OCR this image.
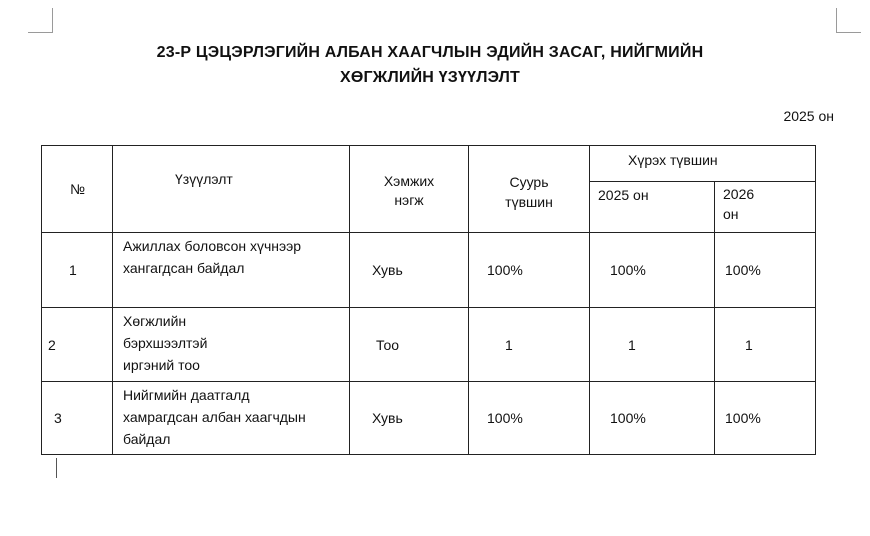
23-Р ЦЭЦЭРЛЭГИЙН АЛБАН ХААГЧЛЫН ЭДИЙН ЗАСАГ, НИЙГМИЙН
ХӨГЖЛИЙН ҮЗҮҮЛЭЛТ
2025 он
№	Үзүүлэлт	Хэмжих нэгж	Суурь түвшин	Хүрэх түвшин	
				2025 он	2026 он
1	Ажиллах боловсон хүчнээр хангагдсан байдал	Хувь	100%	100%	100%
2	Хөгжлийн бэрхшээлтэй иргэний тоо	Тоо	1	1	1
3	Нийгмийн даатгалд хамрагдсан албан хаагчдын байдал	Хувь	100%	100%	100%
